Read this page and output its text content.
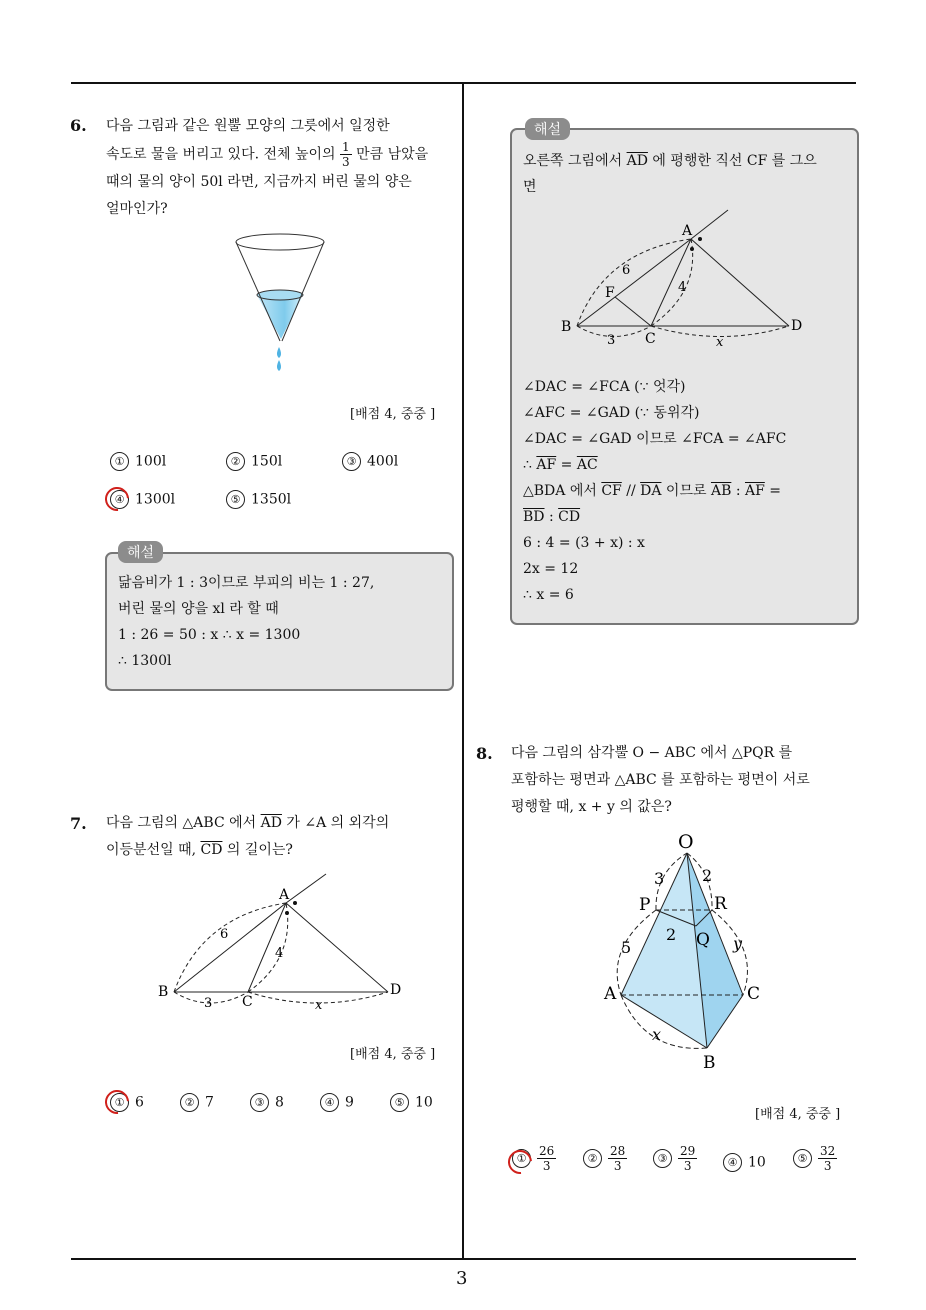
3
6. 다음 그림과 같은 원뿔 모양의 그릇에서 일정한
속도로 물을 버리고 있다. 전체 높이의 $\frac{1}{3}$ 만큼 남았을
때의 물의 양이 50l 라면, 지금까지 버린 물의 양은
얼마인가?
[배점 4, 중중 ]
① 100l	② 150l	③ 400l
④ 1300l	⑤ 1350l
해설
닮음비가 1 : 3이므로 부피의 비는 1 : 27,
버린 물의 양을 xl 라 할 때
1 : 26 = 50 : x ∴ x = 1300
∴ 1300l
7. 다음 그림의 △ABC 에서 $\overline{AD}$ 가 ∠A 의 외각의
이등분선일 때, $\overline{CD}$ 의 길이는?
A
B
C
D
6
4
3	x
[배점 4, 중중 ]
① 6	② 7	③ 8	④ 9	⑤ 10
해설
오른쪽 그림에서 $\overline{AD}$ 에 평행한 직선 CF 를 그으
면
A
B
C
D
F
6
4
3	x
∠DAC = ∠FCA (∵ 엇각)
∠AFC = ∠GAD (∵ 동위각)
∠DAC = ∠GAD 이므로 ∠FCA = ∠AFC
∴ $\overline{AF} = \overline{AC}$
△BDA 에서 $\overline{CF} // \overline{DA}$ 이므로 $\overline{AB}$ : $\overline{AF}$ =
$\overline{BD}$ : $\overline{CD}$
6 : 4 = (3 + x) : x
2x = 12
∴ x = 6
8. 다음 그림의 삼각뿔 O − ABC 에서 △PQR 를
포함하는 평면과 △ABC 를 포함하는 평면이 서로
평행할 때, x + y 의 값은?
O
P
Q
R
A	C
B
3 2
2
5	y
x
[배점 4, 중중 ]
① $\frac{26}{3}$	② $\frac{28}{3}$	③ $\frac{29}{3}$	④ 10	⑤ $\frac{32}{3}$
